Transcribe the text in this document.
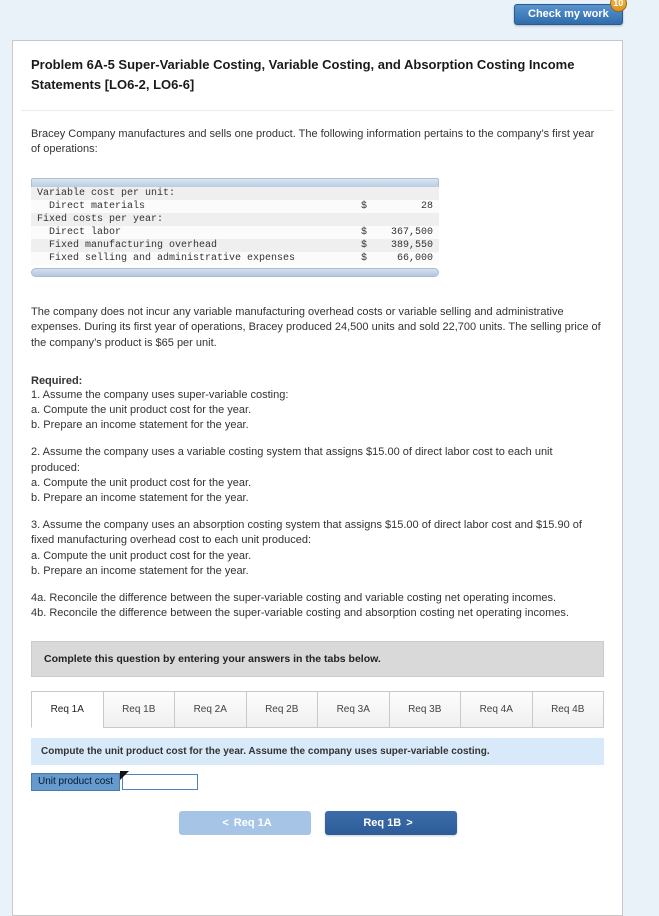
Check my work
10
Problem 6A-5 Super-Variable Costing, Variable Costing, and Absorption Costing Income Statements [LO6-2, LO6-6]
Bracey Company manufactures and sells one product. The following information pertains to the company’s first year of operations:
Variable cost per unit:
Direct materials	$	28
Fixed costs per year:
Direct labor	$	367,500
Fixed manufacturing overhead	$	389,550
Fixed selling and administrative expenses	$	66,000
The company does not incur any variable manufacturing overhead costs or variable selling and administrative expenses. During its first year of operations, Bracey produced 24,500 units and sold 22,700 units. The selling price of the company’s product is $65 per unit.
Required:
1. Assume the company uses super-variable costing:
a. Compute the unit product cost for the year.
b. Prepare an income statement for the year.
2. Assume the company uses a variable costing system that assigns $15.00 of direct labor cost to each unit produced:
a. Compute the unit product cost for the year.
b. Prepare an income statement for the year.
3. Assume the company uses an absorption costing system that assigns $15.00 of direct labor cost and $15.90 of fixed manufacturing overhead cost to each unit produced:
a. Compute the unit product cost for the year.
b. Prepare an income statement for the year.
4a. Reconcile the difference between the super-variable costing and variable costing net operating incomes.
4b. Reconcile the difference between the super-variable costing and absorption costing net operating incomes.
Complete this question by entering your answers in the tabs below.
Req 1A	Req 1B	Req 2A	Req 2B	Req 3A	Req 3B	Req 4A	Req 4B
Compute the unit product cost for the year. Assume the company uses super-variable costing.
Unit product cost
< Req 1A	Req 1B >
